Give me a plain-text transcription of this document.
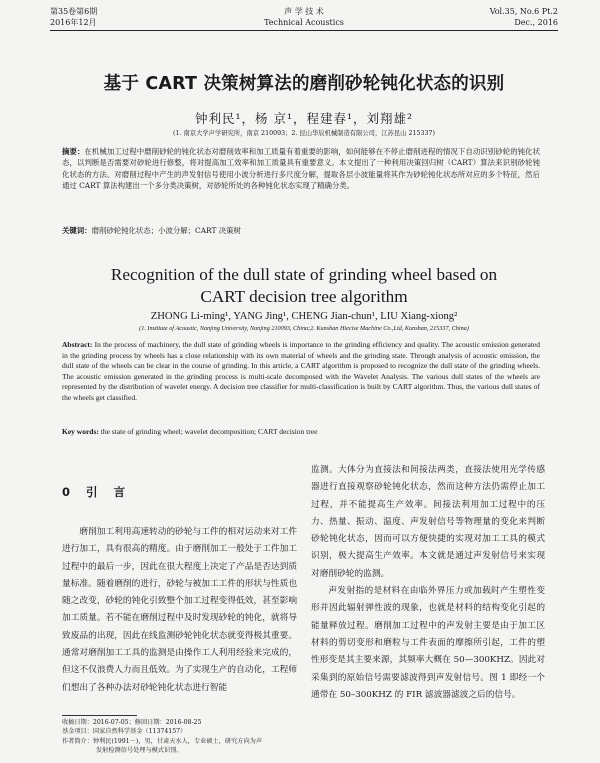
第35卷第6期
2016年12月
声 学 技 术
Technical Acoustics
Vol.35, No.6 Pt.2
Dec., 2016
基于 CART 决策树算法的磨削砂轮钝化状态的识别
钟利民¹，杨 京¹，程建春¹，刘翔雄²
(1. 南京大学声学研究所，南京 210093；2. 昆山华辰机械制造有限公司，江苏昆山 215337)
摘要：在机械加工过程中磨削砂轮的钝化状态对磨削效率和加工质量有着重要的影响，如何能够在不停止磨削进程的情况下自动识别砂轮的钝化状态，以判断是否需要对砂轮进行修整，将对提高加工效率和加工质量具有重要意义。本文提出了一种利用决策回归树（CART）算法来识别砂轮钝化状态的方法。对磨削过程中产生的声发射信号使用小波分析进行多尺度分解，提取各层小波能量将其作为砂轮钝化状态所对应的多个特征，然后通过 CART 算法构建出一个多分类决策树，对砂轮所处的各种钝化状态实现了精确分类。
关键词：磨削砂轮钝化状态；小波分解；CART 决策树
Recognition of the dull state of grinding wheel based on
CART decision tree algorithm
ZHONG Li-ming¹, YANG Jing¹, CHENG Jian-chun¹, LIU Xiang-xiong²
(1. Institute of Acoustic, Nanjing University, Nanjing 210093, China;2. Kunshan Hiecise Machine Co.,Ltd, Kunshan, 215337, China)
Abstract: In the process of machinery, the dull state of grinding wheels is importance to the grinding efficiency and quality. The acoustic emission generated in the grinding process by wheels has a close relationship with its own material of wheels and the grinding state. Through analysis of acoustic emission, the dull state of the wheels can be clear in the course of grinding. In this article, a CART algorithm is proposed to recognize the dull state of the grinding wheels. The acoustic emission generated in the grinding process is multi-scale decomposed with the Wavelet Analysis. The various dull states of the wheels are represented by the distribution of wavelet energy. A decision tree classifier for multi-classification is built by CART algorithm. Thus, the various dull states of the wheels get classified.
Key words: the state of grinding wheel; wavelet decomposition; CART decision tree
0 引 言
磨削加工利用高速转动的砂轮与工件的相对运动来对工件进行加工，具有很高的精度。由于磨削加工一般处于工件加工过程中的最后一步，因此在很大程度上决定了产品是否达到质量标准。随着磨削的进行，砂轮与被加工工件的形状与性质也随之改变，砂轮的钝化引致整个加工过程变得低效，甚至影响加工质量。若不能在磨削过程中及时发现砂轮的钝化，就将导致废品的出现，因此在线监测砂轮钝化状态就变得极其重要。通常对磨削加工工具的监测是由操作工人利用经验来完成的，但这不仅浪费人力而且低效。为了实现生产的自动化，工程师们想出了各种办法对砂轮钝化状态进行智能

监测。大体分为直接法和间接法两类，直接法使用光学传感器进行直接观察砂轮钝化状态，然而这种方法仍需停止加工过程，并不能提高生产效率。间接法利用加工过程中的压力、热量、振动、温度、声发射信号等物理量的变化来判断砂轮钝化状态，因而可以方便快捷的实现对加工工具的模式识别，极大提高生产效率。本文就是通过声发射信号来实现对磨削砂轮的监测。

声发射指的是材料在由临外界压力或加载时产生塑性变形并因此辐射弹性波的现象，也就是材料的结构变化引起的能量释放过程。磨削加工过程中的声发射主要是由于加工区材料的剪切变形和磨粒与工件表面的摩擦所引起，工件的塑性形变是其主要来源，其频率大概在 50—300KHZ。因此对采集到的原始信号需要滤波得到声发射信号。图 1 即经一个通带在 50–300KHZ 的 FIR 滤波器滤波之后的信号。

收稿日期：2016-07-05；修回日期：2016-08-25
基金项目：国家自然科学基金（11374157）
作者简介：钟利民(1991－)，男，甘肃天水人，专业硕士，研究方向为声
发射检测信号处理与模式识别。
